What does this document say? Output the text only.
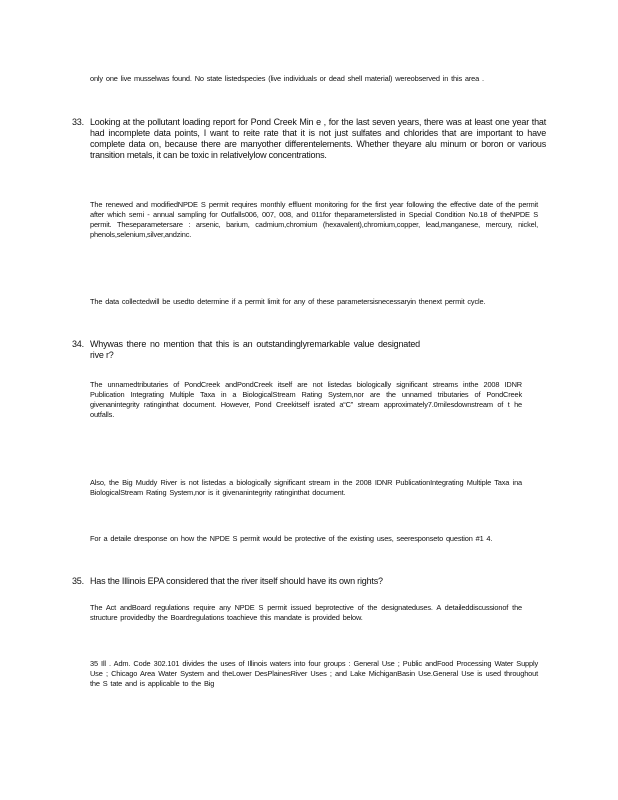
only one live musselwas found. No state listedspecies (live individuals or dead shell material) wereobserved in this area .
33. Looking at the pollutant loading report for Pond Creek Min e , for the last seven years, there was at least one year that had incomplete data points, I want to reite rate that it is not just sulfates and chlorides that are important to have complete data on, because there are manyother differentelements. Whether theyare alu minum or boron or various transition metals, it can be toxic in relativelylow concentrations.
The renewed and modifiedNPDE S permit requires monthly effluent monitoring for the first year following the effective date of the permit after which semi - annual sampling for Outfalls006, 007, 008, and 011for theparameterslisted in Special Condition No.18 of theNPDE S permit. Theseparametersare : arsenic, barium, cadmium,chromium (hexavalent),chromium,copper, lead,manganese, mercury, nickel, phenols,selenium,silver,andzinc.
The data collectedwill be usedto determine if a permit limit for any of these parametersisnecessaryin thenext permit cycle.
34. Whywas there no mention that this is an outstandinglyremarkable value designated rive r?
The unnamedtributaries of PondCreek andPondCreek itself are not listedas biologically significant streams inthe 2008 IDNR Publication Integrating Multiple Taxa in a BiologicalStream Rating System,nor are the unnamed tributaries of PondCreek givenanintegrity ratinginthat document. However, Pond Creekitself israted a“C” stream approximately7.0milesdownstream of t he outfalls.
Also, the Big Muddy River is not listedas a biologically significant stream in the 2008 IDNR PublicationIntegrating Multiple Taxa ina BiologicalStream Rating System,nor is it givenanintegrity ratinginthat document.
For a detaile dresponse on how the NPDE S permit would be protective of the existing uses, seeresponseto question #1 4.
35. Has the Illinois EPA considered that the river itself should have its own rights?
The Act andBoard regulations require any NPDE S permit issued beprotective of the designateduses. A detaileddiscussionof the structure providedby the Boardregulations toachieve this mandate is provided below.
35 Ill . Adm. Code 302.101 divides the uses of Illinois waters into four groups : General Use ; Public andFood Processing Water Supply Use ; Chicago Area Water System and theLower DesPlainesRiver Uses ; and Lake MichiganBasin Use.General Use is used throughout the S tate and is applicable to the Big
